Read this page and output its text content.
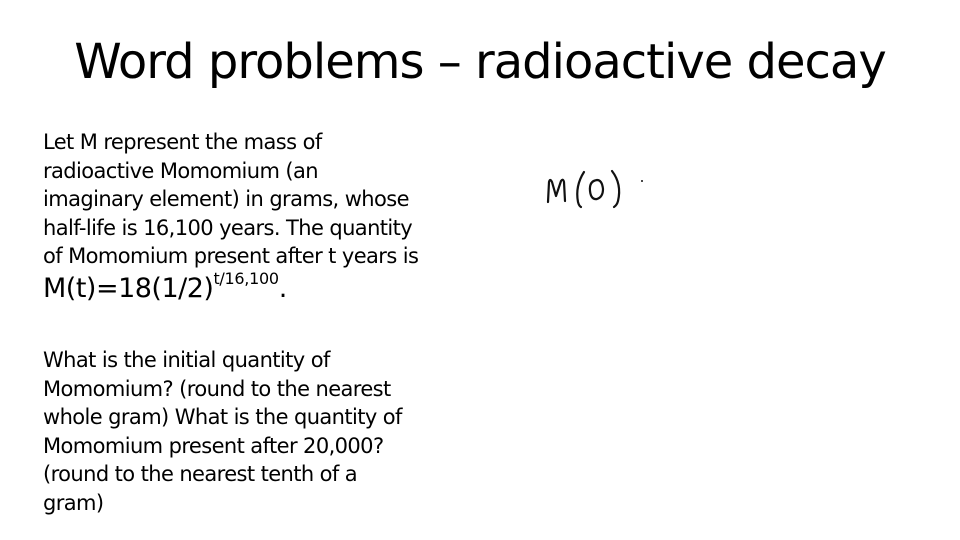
Word problems – radioactive decay
Let M represent the mass of
radioactive Momomium (an
imaginary element) in grams, whose
half-life is 16,100 years. The quantity
of Momomium present after t years is
$M(t)=18(1/2)^{t/16,100}$.
What is the initial quantity of
Momomium? (round to the nearest
whole gram) What is the quantity of
Momomium present after 20,000?
(round to the nearest tenth of a
gram)
